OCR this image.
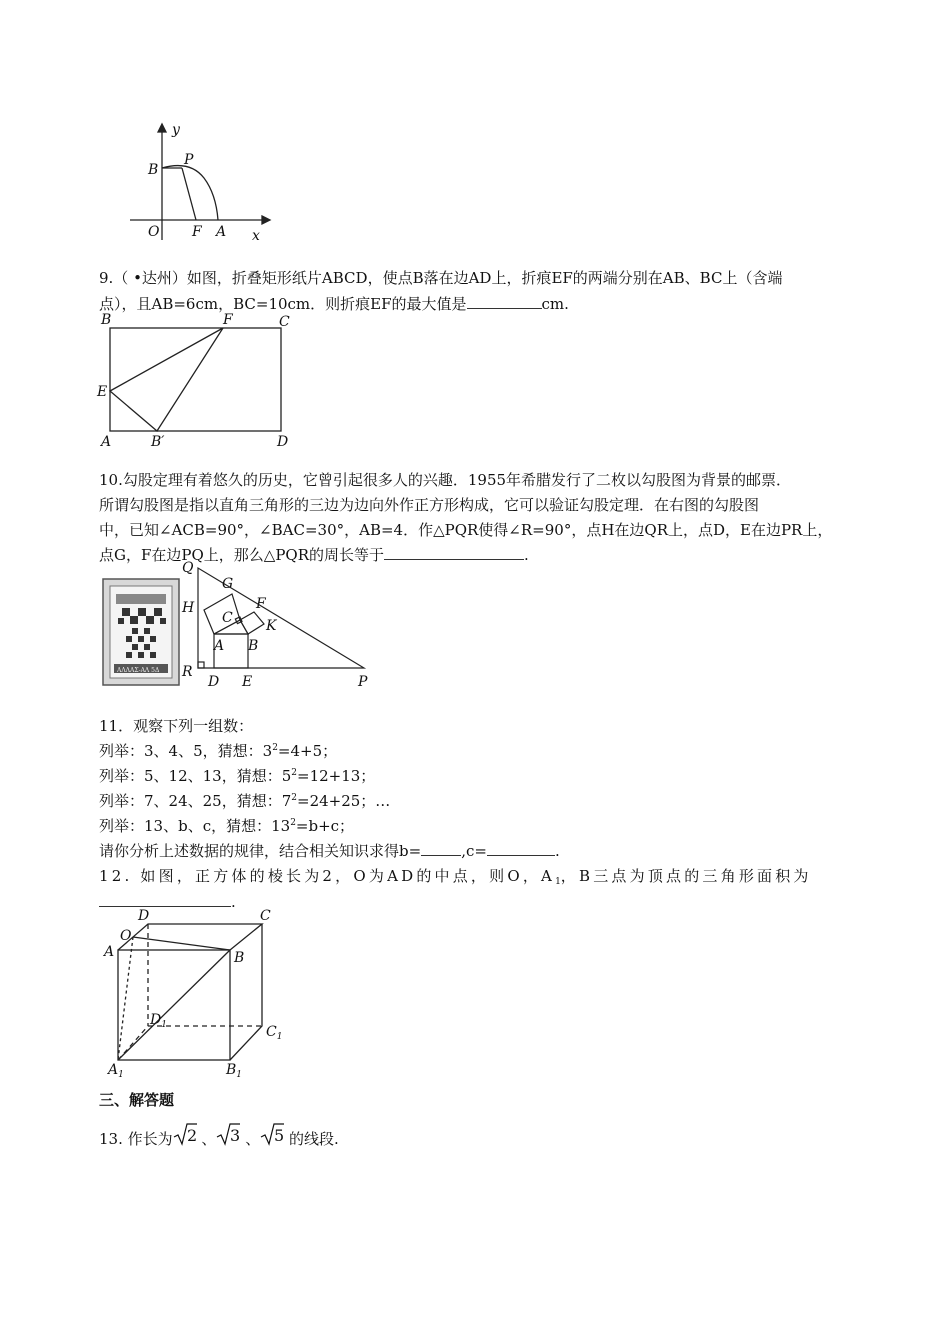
y
B
P
O F A x
9.（ •达州）如图，折叠矩形纸片ABCD，使点B落在边AD上，折痕EF的两端分别在AB、BC上（含端
点），且AB=6cm，BC=10cm．则折痕EF的最大值是	cm.
B	F	C
E
A	B′	D
10.勾股定理有着悠久的历史，它曾引起很多人的兴趣．1955年希腊发行了二枚以勾股图为背景的邮票．
所谓勾股图是指以直角三角形的三边为边向外作正方形构成，它可以验证勾股定理．在右图的勾股图
中，已知∠ACB=90°，∠BAC=30°，AB=4．作△PQR使得∠R=90°，点H在边QR上，点D，E在边PR上，
点G，F在边PQ上，那么△PQR的周长等于	.
ΑΛΛΑΣ-ΑΛ 5Δ
Q
G
H
C
F
K
A B
R
D E	P
11．观察下列一组数：
列举：3、4、5，猜想：$3^2=4+5$；
列举：5、12、13，猜想：$5^2=12+13$；
列举：7、24、25，猜想：$7^2=24+25$；…
列举：13、b、c，猜想：$13^2=b+c$；
请你分析上述数据的规律，结合相关知识求得b=	,c=	.
12. 如图，正方体的棱长为2，O为AD的中点，则O，$A_1$，B三点为顶点的三角形面积为
.
D	C
O
A	B
$D_1$	$C_1$
$A_1$	$B_1$
三、解答题
13. 作长为 2 、 3 、 5 的线段.
